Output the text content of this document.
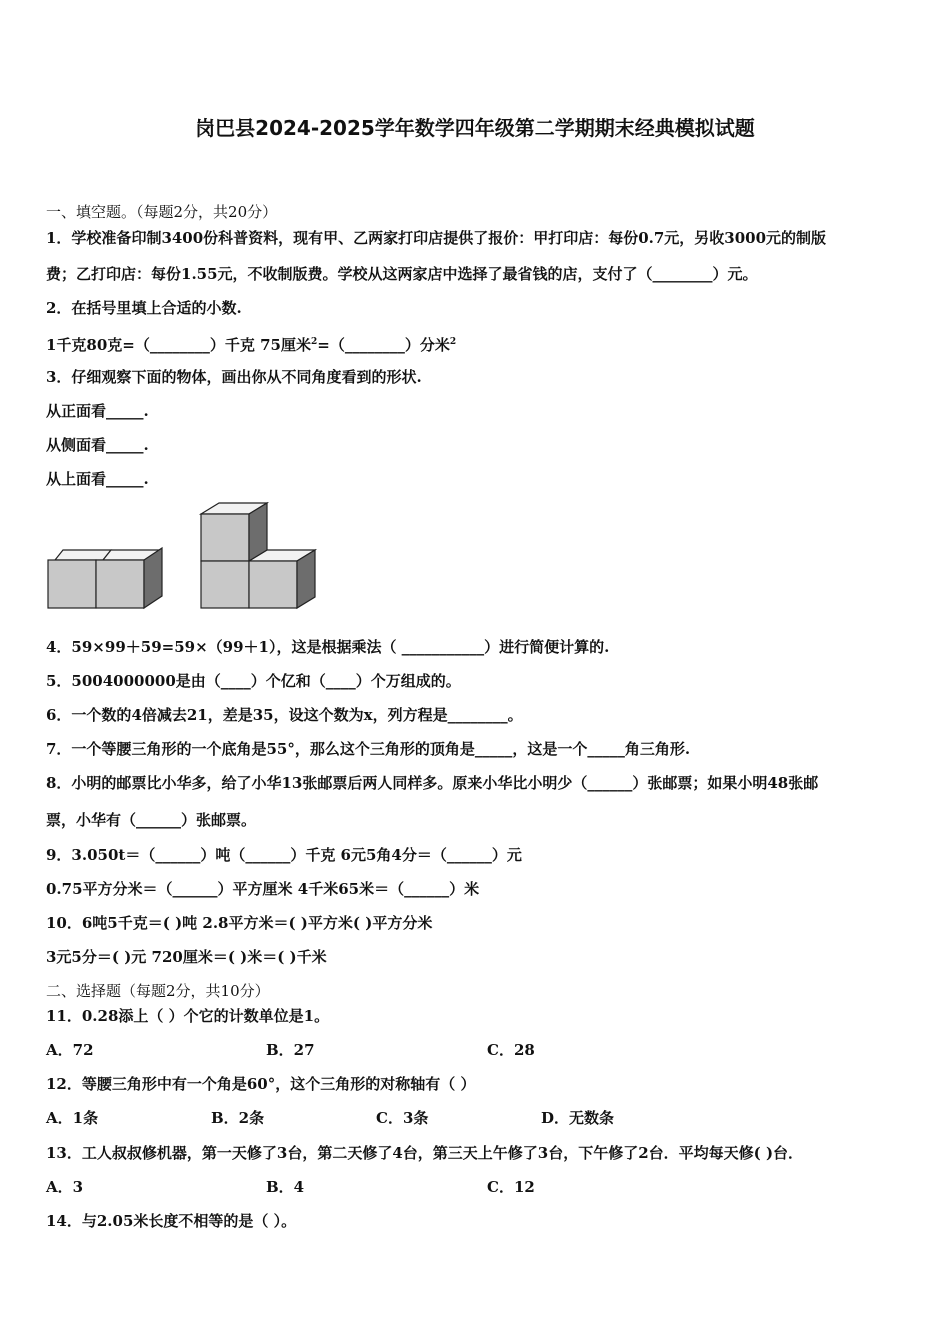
岗巴县2024-2025学年数学四年级第二学期期末经典模拟试题
一、填空题。（每题2分，共20分）
1．学校准备印制3400份科普资料，现有甲、乙两家打印店提供了报价：甲打印店：每份0.7元，另收3000元的制版
费；乙打印店：每份1.55元，不收制版费。学校从这两家店中选择了最省钱的店，支付了（________）元。
2．在括号里填上合适的小数.
1千克80克=（________）千克 75厘米$^2$=（________）分米$^2$
3．仔细观察下面的物体，画出你从不同角度看到的形状.
从正面看_____.
从侧面看_____.
从上面看_____.
4．59×99＋59=59×（99＋1），这是根据乘法（ ___________）进行简便计算的.
5．5004000000是由（____）个亿和（____）个万组成的。
6．一个数的4倍减去21，差是35，设这个数为x，列方程是________。
7．一个等腰三角形的一个底角是55°，那么这个三角形的顶角是_____，这是一个_____角三角形.
8．小明的邮票比小华多，给了小华13张邮票后两人同样多。原来小华比小明少（______）张邮票；如果小明48张邮
票，小华有（______）张邮票。
9．3.050t＝（______）吨（______）千克 6元5角4分＝（______）元
0.75平方分米＝（______）平方厘米 4千米65米＝（______）米
10．6吨5千克＝( )吨 2.8平方米＝( )平方米( )平方分米
3元5分＝( )元 720厘米＝( )米＝( )千米
二、选择题（每题2分，共10分）
11．0.28添上（ ）个它的计数单位是1。
A．72	B．27	C．28
12．等腰三角形中有一个角是60°，这个三角形的对称轴有（ ）
A．1条	B．2条	C．3条	D．无数条
13．工人叔叔修机器，第一天修了3台，第二天修了4台，第三天上午修了3台，下午修了2台．平均每天修( )台．
A．3	B．4	C．12
14．与2.05米长度不相等的是（ ）。
